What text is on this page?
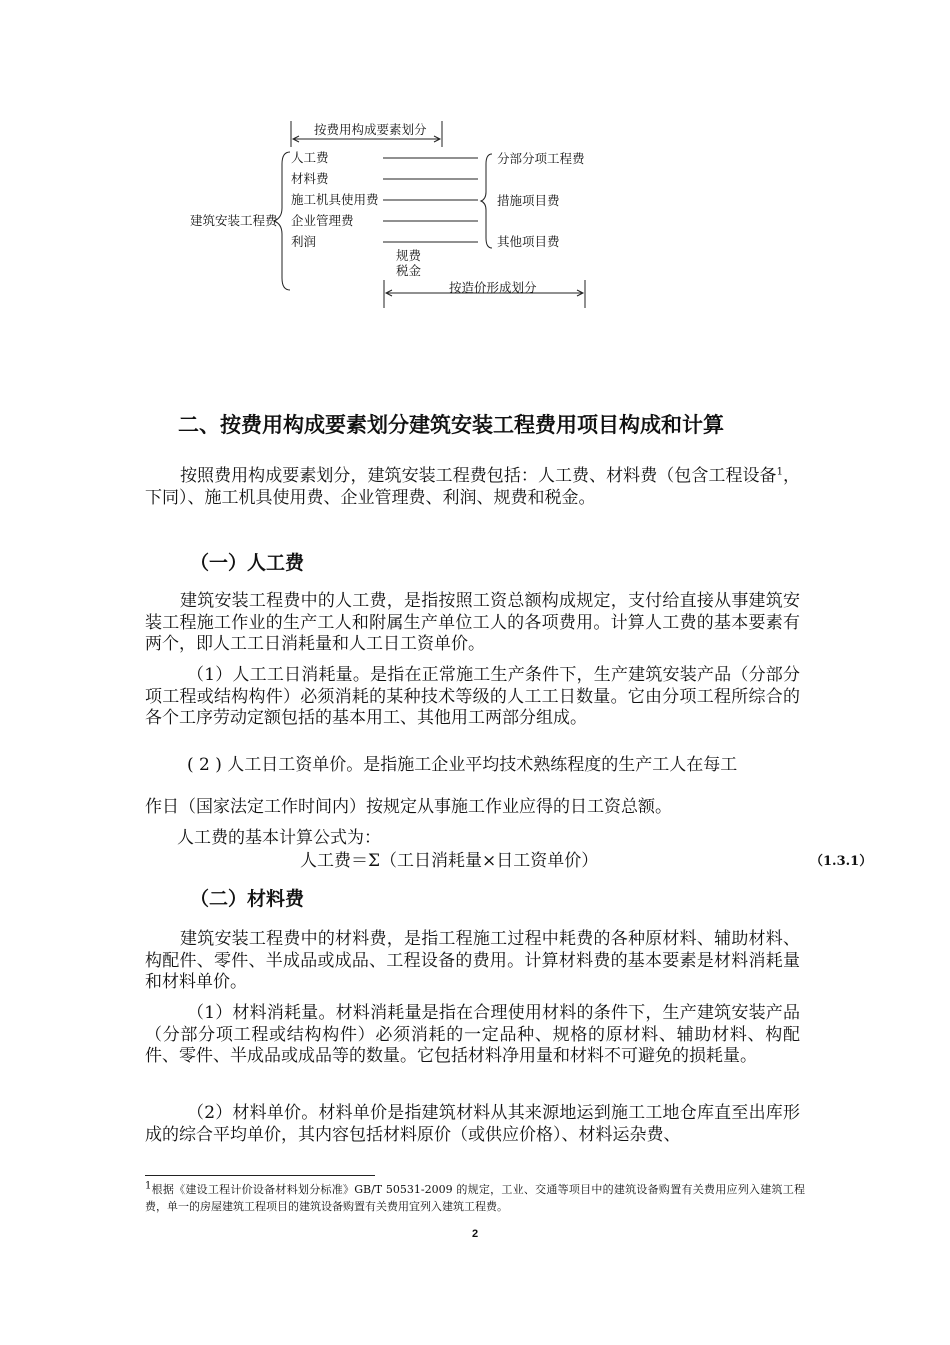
按费用构成要素划分
建筑安装工程费
人工费
材料费
施工机具使用费
企业管理费
利润
规费
税金
分部分项工程费
措施项目费
其他项目费
按造价形成划分
二、按费用构成要素划分建筑安装工程费用项目构成和计算

按照费用构成要素划分，建筑安装工程费包括：人工费、材料费（包含工程设备$^1$，下同）、施工机具使用费、企业管理费、利润、规费和税金。

（一）人工费

建筑安装工程费中的人工费，是指按照工资总额构成规定，支付给直接从事建筑安装工程施工作业的生产工人和附属生产单位工人的各项费用。计算人工费的基本要素有两个，即人工工日消耗量和人工日工资单价。

（1）人工工日消耗量。是指在正常施工生产条件下，生产建筑安装产品（分部分项工程或结构构件）必须消耗的某种技术等级的人工工日数量。它由分项工程所综合的各个工序劳动定额包括的基本用工、其他用工两部分组成。

( 2 ) 人工日工资单价。是指施工企业平均技术熟练程度的生产工人在每工

作日（国家法定工作时间内）按规定从事施工作业应得的日工资总额。

人工费的基本计算公式为：

人工费＝Σ（工日消耗量×日工资单价）	（1.3.1）
（二）材料费

建筑安装工程费中的材料费，是指工程施工过程中耗费的各种原材料、辅助材料、构配件、零件、半成品或成品、工程设备的费用。计算材料费的基本要素是材料消耗量和材料单价。

（1）材料消耗量。材料消耗量是指在合理使用材料的条件下，生产建筑安装产品（分部分项工程或结构构件）必须消耗的一定品种、规格的原材料、辅助材料、构配件、零件、半成品或成品等的数量。它包括材料净用量和材料不可避免的损耗量。

（2）材料单价。材料单价是指建筑材料从其来源地运到施工工地仓库直至出库形成的综合平均单价，其内容包括材料原价（或供应价格）、材料运杂费、

$^1$根据《建设工程计价设备材料划分标准》GB/T 50531-2009 的规定，工业、交通等项目中的建筑设备购置有关费用应列入建筑工程费，单一的房屋建筑工程项目的建筑设备购置有关费用宜列入建筑工程费。

2
